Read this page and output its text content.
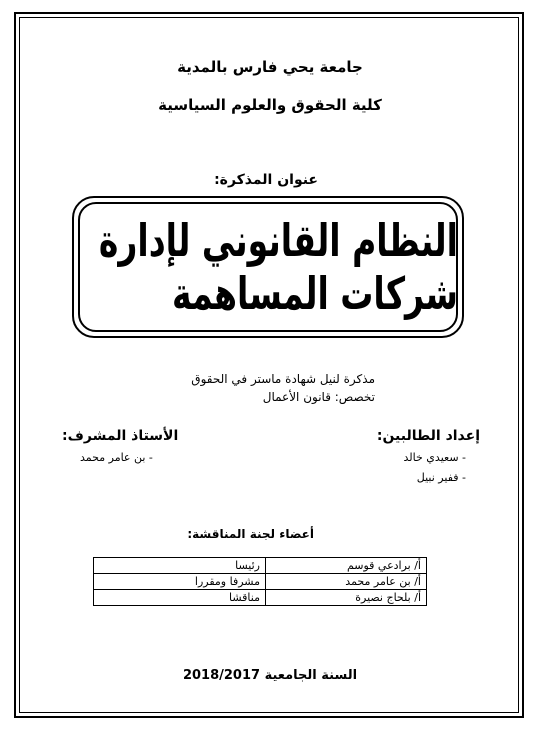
جامعة يحي فارس بالمدية
كلية الحقوق والعلوم السياسية
عنوان المذكرة:
النظام القانوني لإدارة شركات المساهمة
مذكرة لنيل شهادة ماستر في الحقوق
تخصص: قانون الأعمال
إعداد الطالبين:
- سعيدي خالد
- ففير نبيل
الأستاذ المشرف:
- بن عامر محمد
أعضاء لجنة المناقشة:
أ/ برادعي قوسم	رئيسا
أ/ بن عامر محمد	مشرفا ومقررا
أ/ بلحاج نصيرة	مناقشا
السنة الجامعية 2018/2017
